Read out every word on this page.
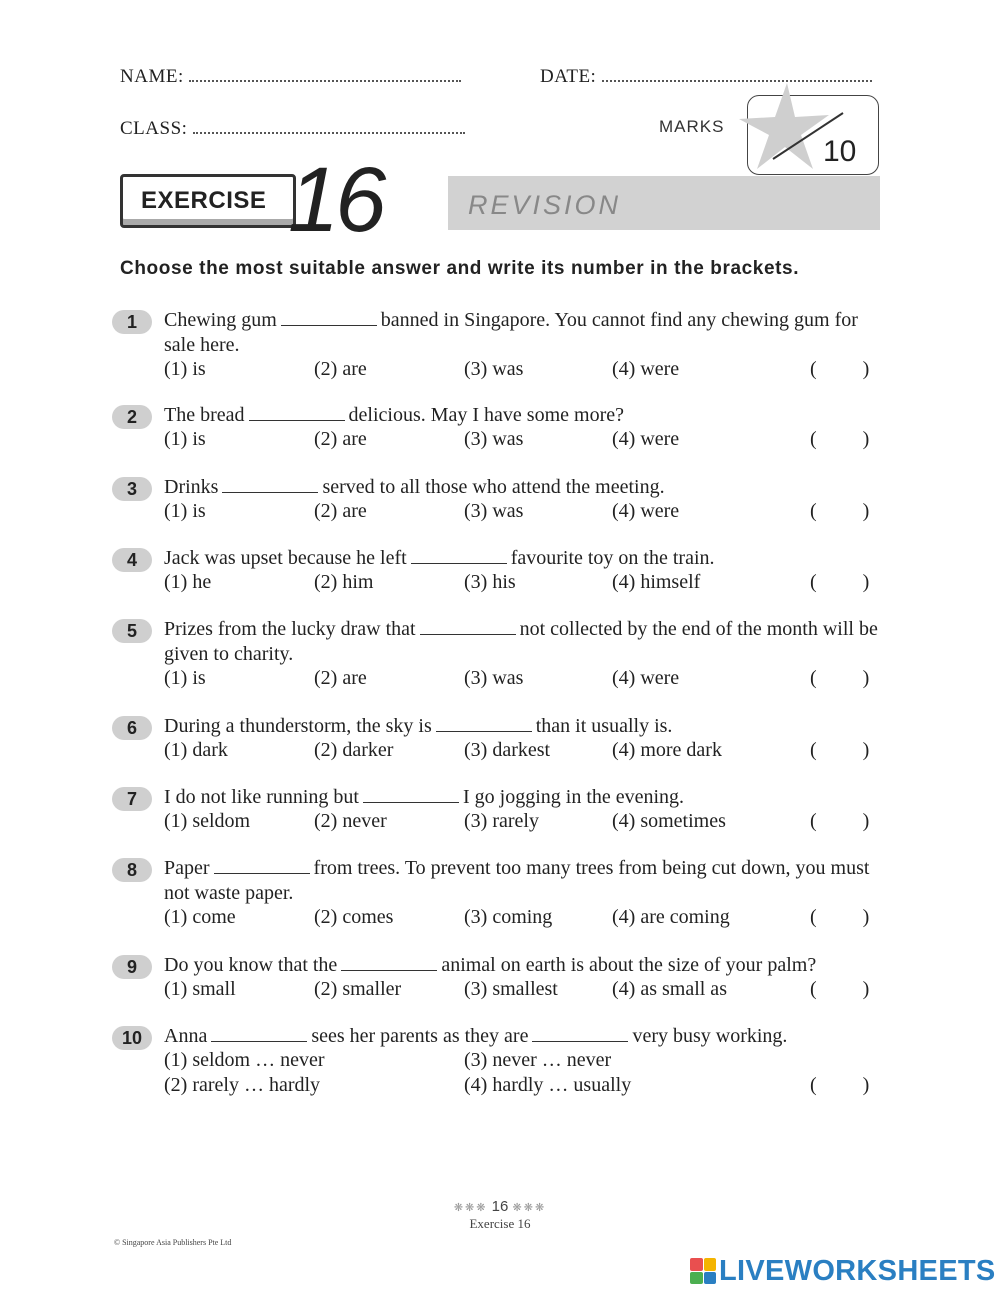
NAME:	DATE:
CLASS:	MARKS
10
EXERCISE 16	REVISION
Choose the most suitable answer and write its number in the brackets.
1	Chewing gum	banned in Singapore. You cannot find any chewing gum for sale here.
(1) is	(2) are	(3) was	(4) were	( )
2	The bread	delicious. May I have some more?
(1) is	(2) are	(3) was	(4) were	( )
3	Drinks	served to all those who attend the meeting.
(1) is	(2) are	(3) was	(4) were	( )
4	Jack was upset because he left	favourite toy on the train.
(1) he	(2) him	(3) his	(4) himself	( )
5	Prizes from the lucky draw that	not collected by the end of the month will be given to charity.
(1) is	(2) are	(3) was	(4) were	( )
6	During a thunderstorm, the sky is	than it usually is.
(1) dark	(2) darker	(3) darkest	(4) more dark	( )
7	I do not like running but	I go jogging in the evening.
(1) seldom	(2) never	(3) rarely	(4) sometimes	( )
8	Paper	from trees. To prevent too many trees from being cut down, you must not waste paper.
(1) come	(2) comes	(3) coming	(4) are coming	( )
9	Do you know that the	animal on earth is about the size of your palm?
(1) small	(2) smaller	(3) smallest	(4) as small as	( )
10	Anna	sees her parents as they are	very busy working.
(1) seldom … never	(3) never … never
(2) rarely … hardly	(4) hardly … usually	( )
❋❋❋ 16 ❋❋❋
Exercise 16
© Singapore Asia Publishers Pte Ltd
LIVEWORKSHEETS
